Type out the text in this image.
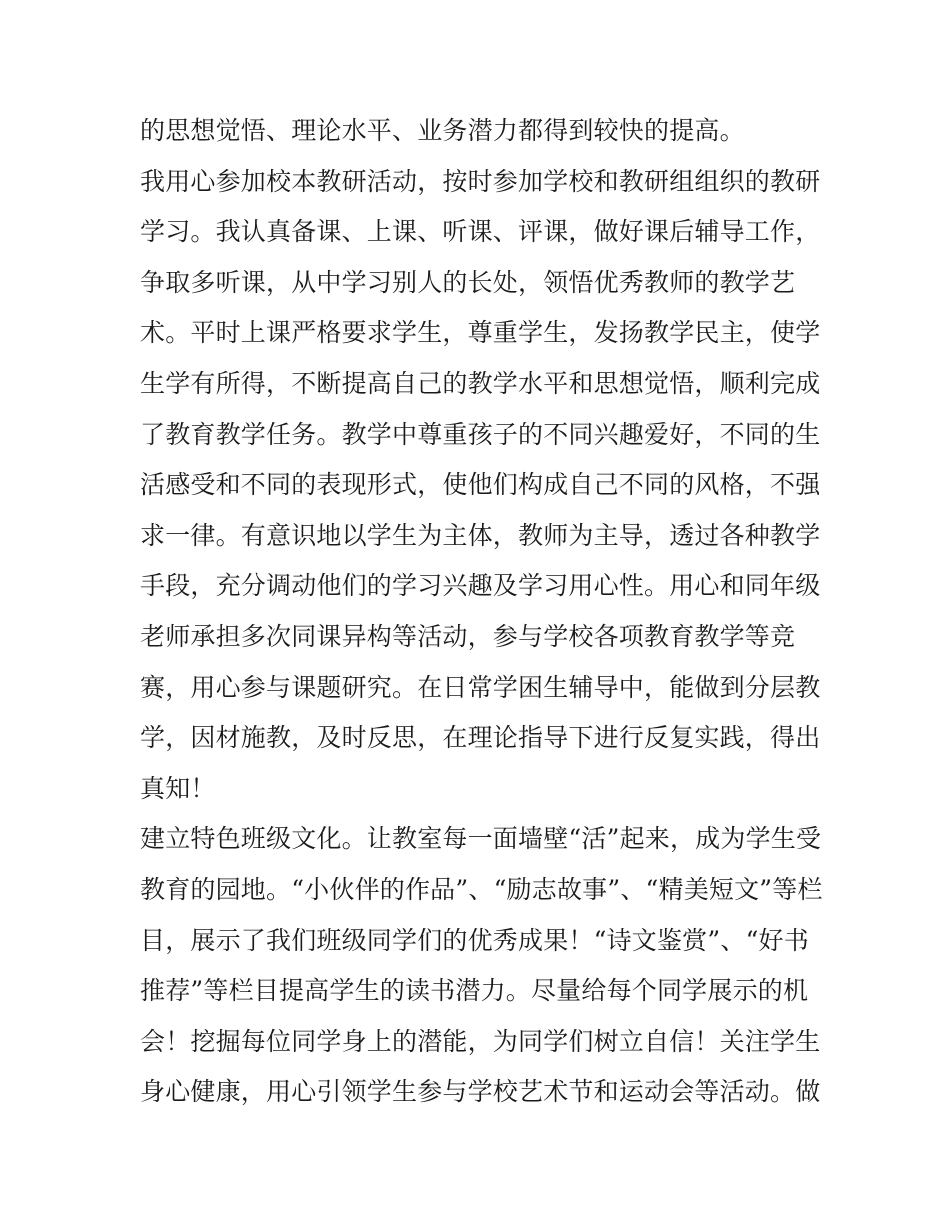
的思想觉悟、理论水平、业务潜力都得到较快的提高。
我用心参加校本教研活动，按时参加学校和教研组组织的教研
学习。我认真备课、上课、听课、评课，做好课后辅导工作，
争取多听课，从中学习别人的长处，领悟优秀教师的教学艺
术。平时上课严格要求学生，尊重学生，发扬教学民主，使学
生学有所得，不断提高自己的教学水平和思想觉悟，顺利完成
了教育教学任务。教学中尊重孩子的不同兴趣爱好，不同的生
活感受和不同的表现形式，使他们构成自己不同的风格，不强
求一律。有意识地以学生为主体，教师为主导，透过各种教学
手段，充分调动他们的学习兴趣及学习用心性。用心和同年级
老师承担多次同课异构等活动，参与学校各项教育教学等竞
赛，用心参与课题研究。在日常学困生辅导中，能做到分层教
学，因材施教，及时反思，在理论指导下进行反复实践，得出
真知！
建立特色班级文化。让教室每一面墙壁“活”起来，成为学生受
教育的园地。“小伙伴的作品”、“励志故事”、“精美短文”等栏
目，展示了我们班级同学们的优秀成果！“诗文鉴赏”、“好书
推荐”等栏目提高学生的读书潜力。尽量给每个同学展示的机
会！挖掘每位同学身上的潜能，为同学们树立自信！关注学生
身心健康，用心引领学生参与学校艺术节和运动会等活动。做
